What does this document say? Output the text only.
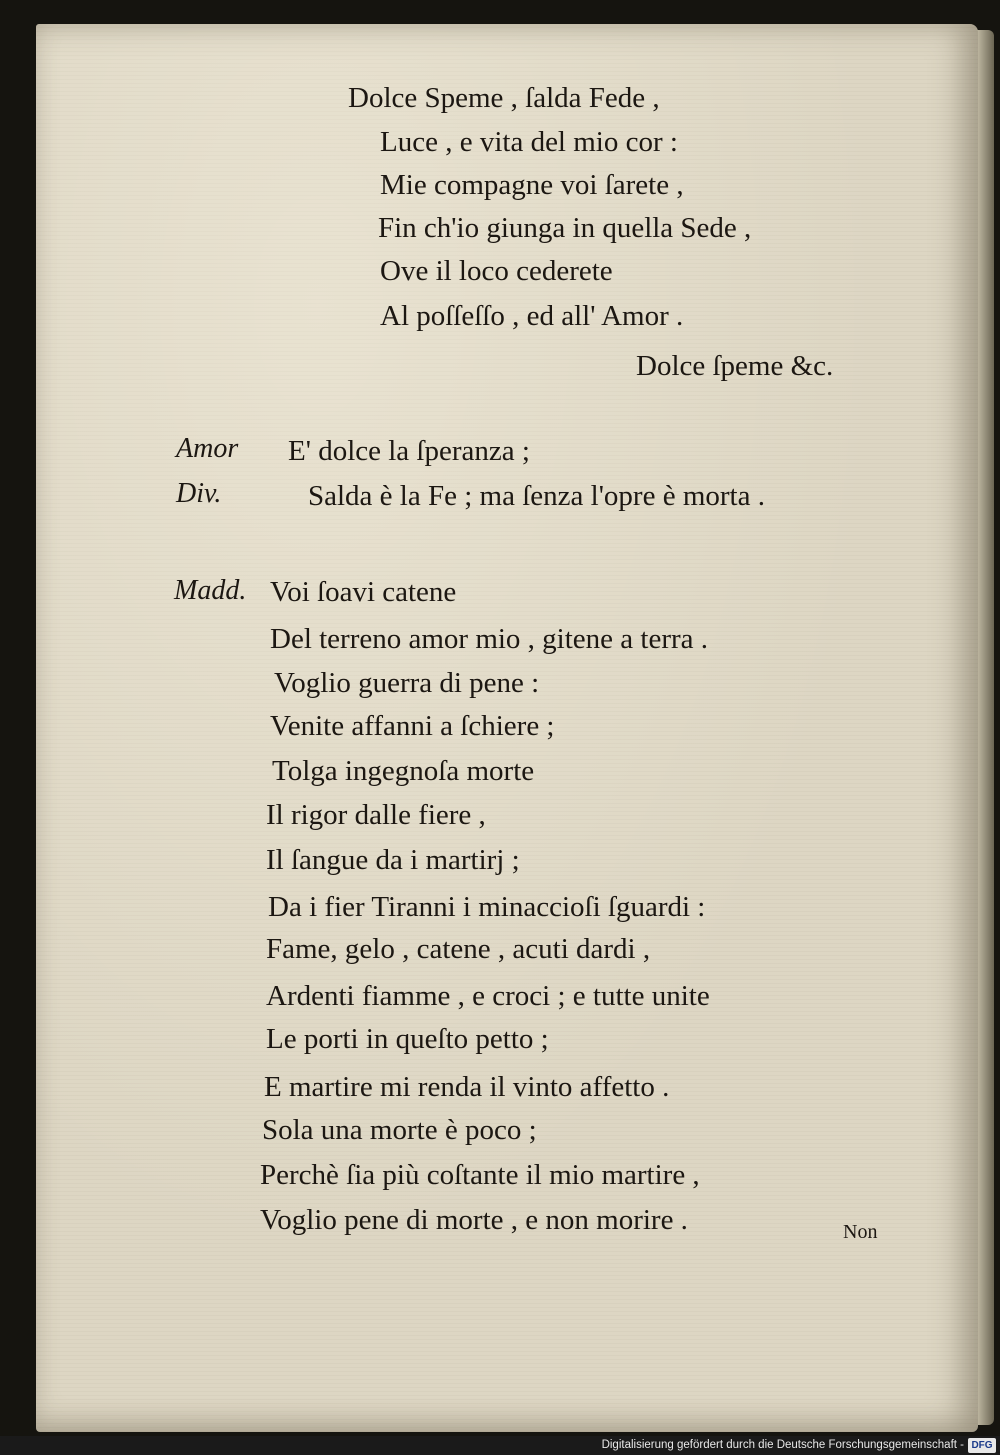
Dolce Speme , ſalda Fede ,
Luce , e vita del mio cor :
Mie compagne voi ſarete ,
Fin ch'io giunga in quella Sede ,
Ove il loco cederete
Al poſſeſſo , ed all' Amor .
Dolce ſpeme &c.
Amor E' dolce la ſperanza ;
Div.	Salda è la Fe ; ma ſenza l'opre è morta .
Madd. Voi ſoavi catene
Del terreno amor mio , gitene a terra .
Voglio guerra di pene :
Venite affanni a ſchiere ;
Tolga ingegnoſa morte
Il rigor dalle fiere ,
Il ſangue da i martirj ;
Da i fier Tiranni i minaccioſi ſguardi :
Fame, gelo , catene , acuti dardi ,
Ardenti fiamme , e croci ; e tutte unite
Le porti in queſto petto ;
E martire mi renda il vinto affetto .
Sola una morte è poco ;
Perchè ſia più coſtante il mio martire ,
Voglio pene di morte , e non morire .	Non
Digitalisierung gefördert durch die Deutsche Forschungsgemeinschaft - DFG
